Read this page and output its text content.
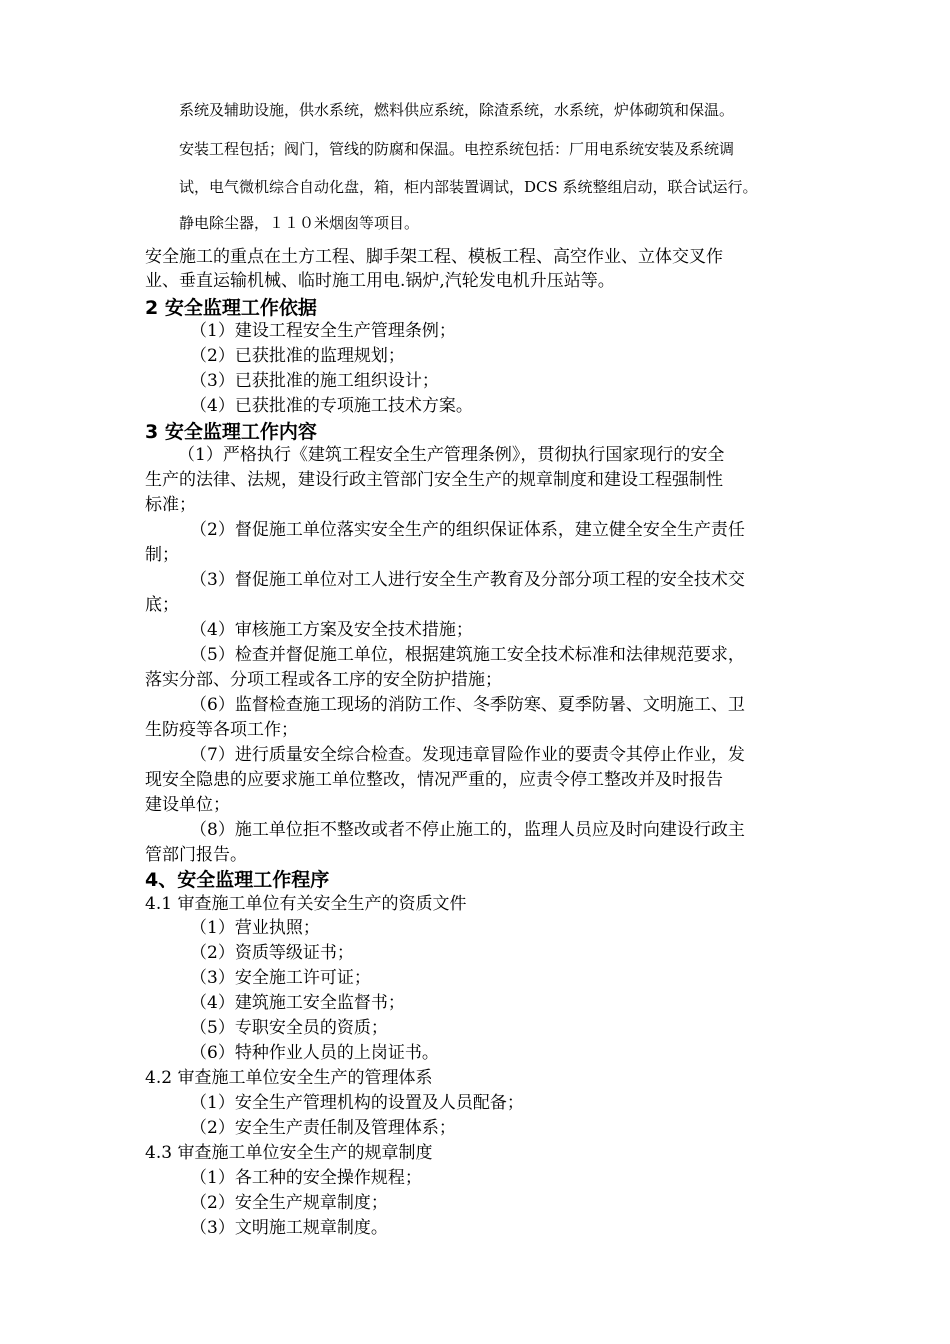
系统及辅助设施，供水系统，燃料供应系统，除渣系统，水系统，炉体砌筑和保温。
安装工程包括；阀门，管线的防腐和保温。电控系统包括：厂用电系统安装及系统调
试，电气微机综合自动化盘，箱，柜内部装置调试，DCS 系统整组启动，联合试运行。
静电除尘器，１１０米烟囱等项目。
安全施工的重点在土方工程、脚手架工程、模板工程、高空作业、立体交叉作
业、垂直运输机械、临时施工用电.锅炉,汽轮发电机升压站等。
2 安全监理工作依据
（1）建设工程安全生产管理条例；
（2）已获批准的监理规划；
（3）已获批准的施工组织设计；
（4）已获批准的专项施工技术方案。
3 安全监理工作内容
（1）严格执行《建筑工程安全生产管理条例》，贯彻执行国家现行的安全
生产的法律、法规，建设行政主管部门安全生产的规章制度和建设工程强制性
标准；
（2）督促施工单位落实安全生产的组织保证体系，建立健全安全生产责任
制；
（3）督促施工单位对工人进行安全生产教育及分部分项工程的安全技术交
底；
（4）审核施工方案及安全技术措施；
（5）检查并督促施工单位，根据建筑施工安全技术标准和法律规范要求，
落实分部、分项工程或各工序的安全防护措施；
（6）监督检查施工现场的消防工作、冬季防寒、夏季防暑、文明施工、卫
生防疫等各项工作；
（7）进行质量安全综合检查。发现违章冒险作业的要责令其停止作业，发
现安全隐患的应要求施工单位整改，情况严重的，应责令停工整改并及时报告
建设单位；
（8）施工单位拒不整改或者不停止施工的，监理人员应及时向建设行政主
管部门报告。
4、安全监理工作程序
4.1 审查施工单位有关安全生产的资质文件
（1）营业执照；
（2）资质等级证书；
（3）安全施工许可证；
（4）建筑施工安全监督书；
（5）专职安全员的资质；
（6）特种作业人员的上岗证书。
4.2 审查施工单位安全生产的管理体系
（1）安全生产管理机构的设置及人员配备；
（2）安全生产责任制及管理体系；
4.3 审查施工单位安全生产的规章制度
（1）各工种的安全操作规程；
（2）安全生产规章制度；
（3）文明施工规章制度。
